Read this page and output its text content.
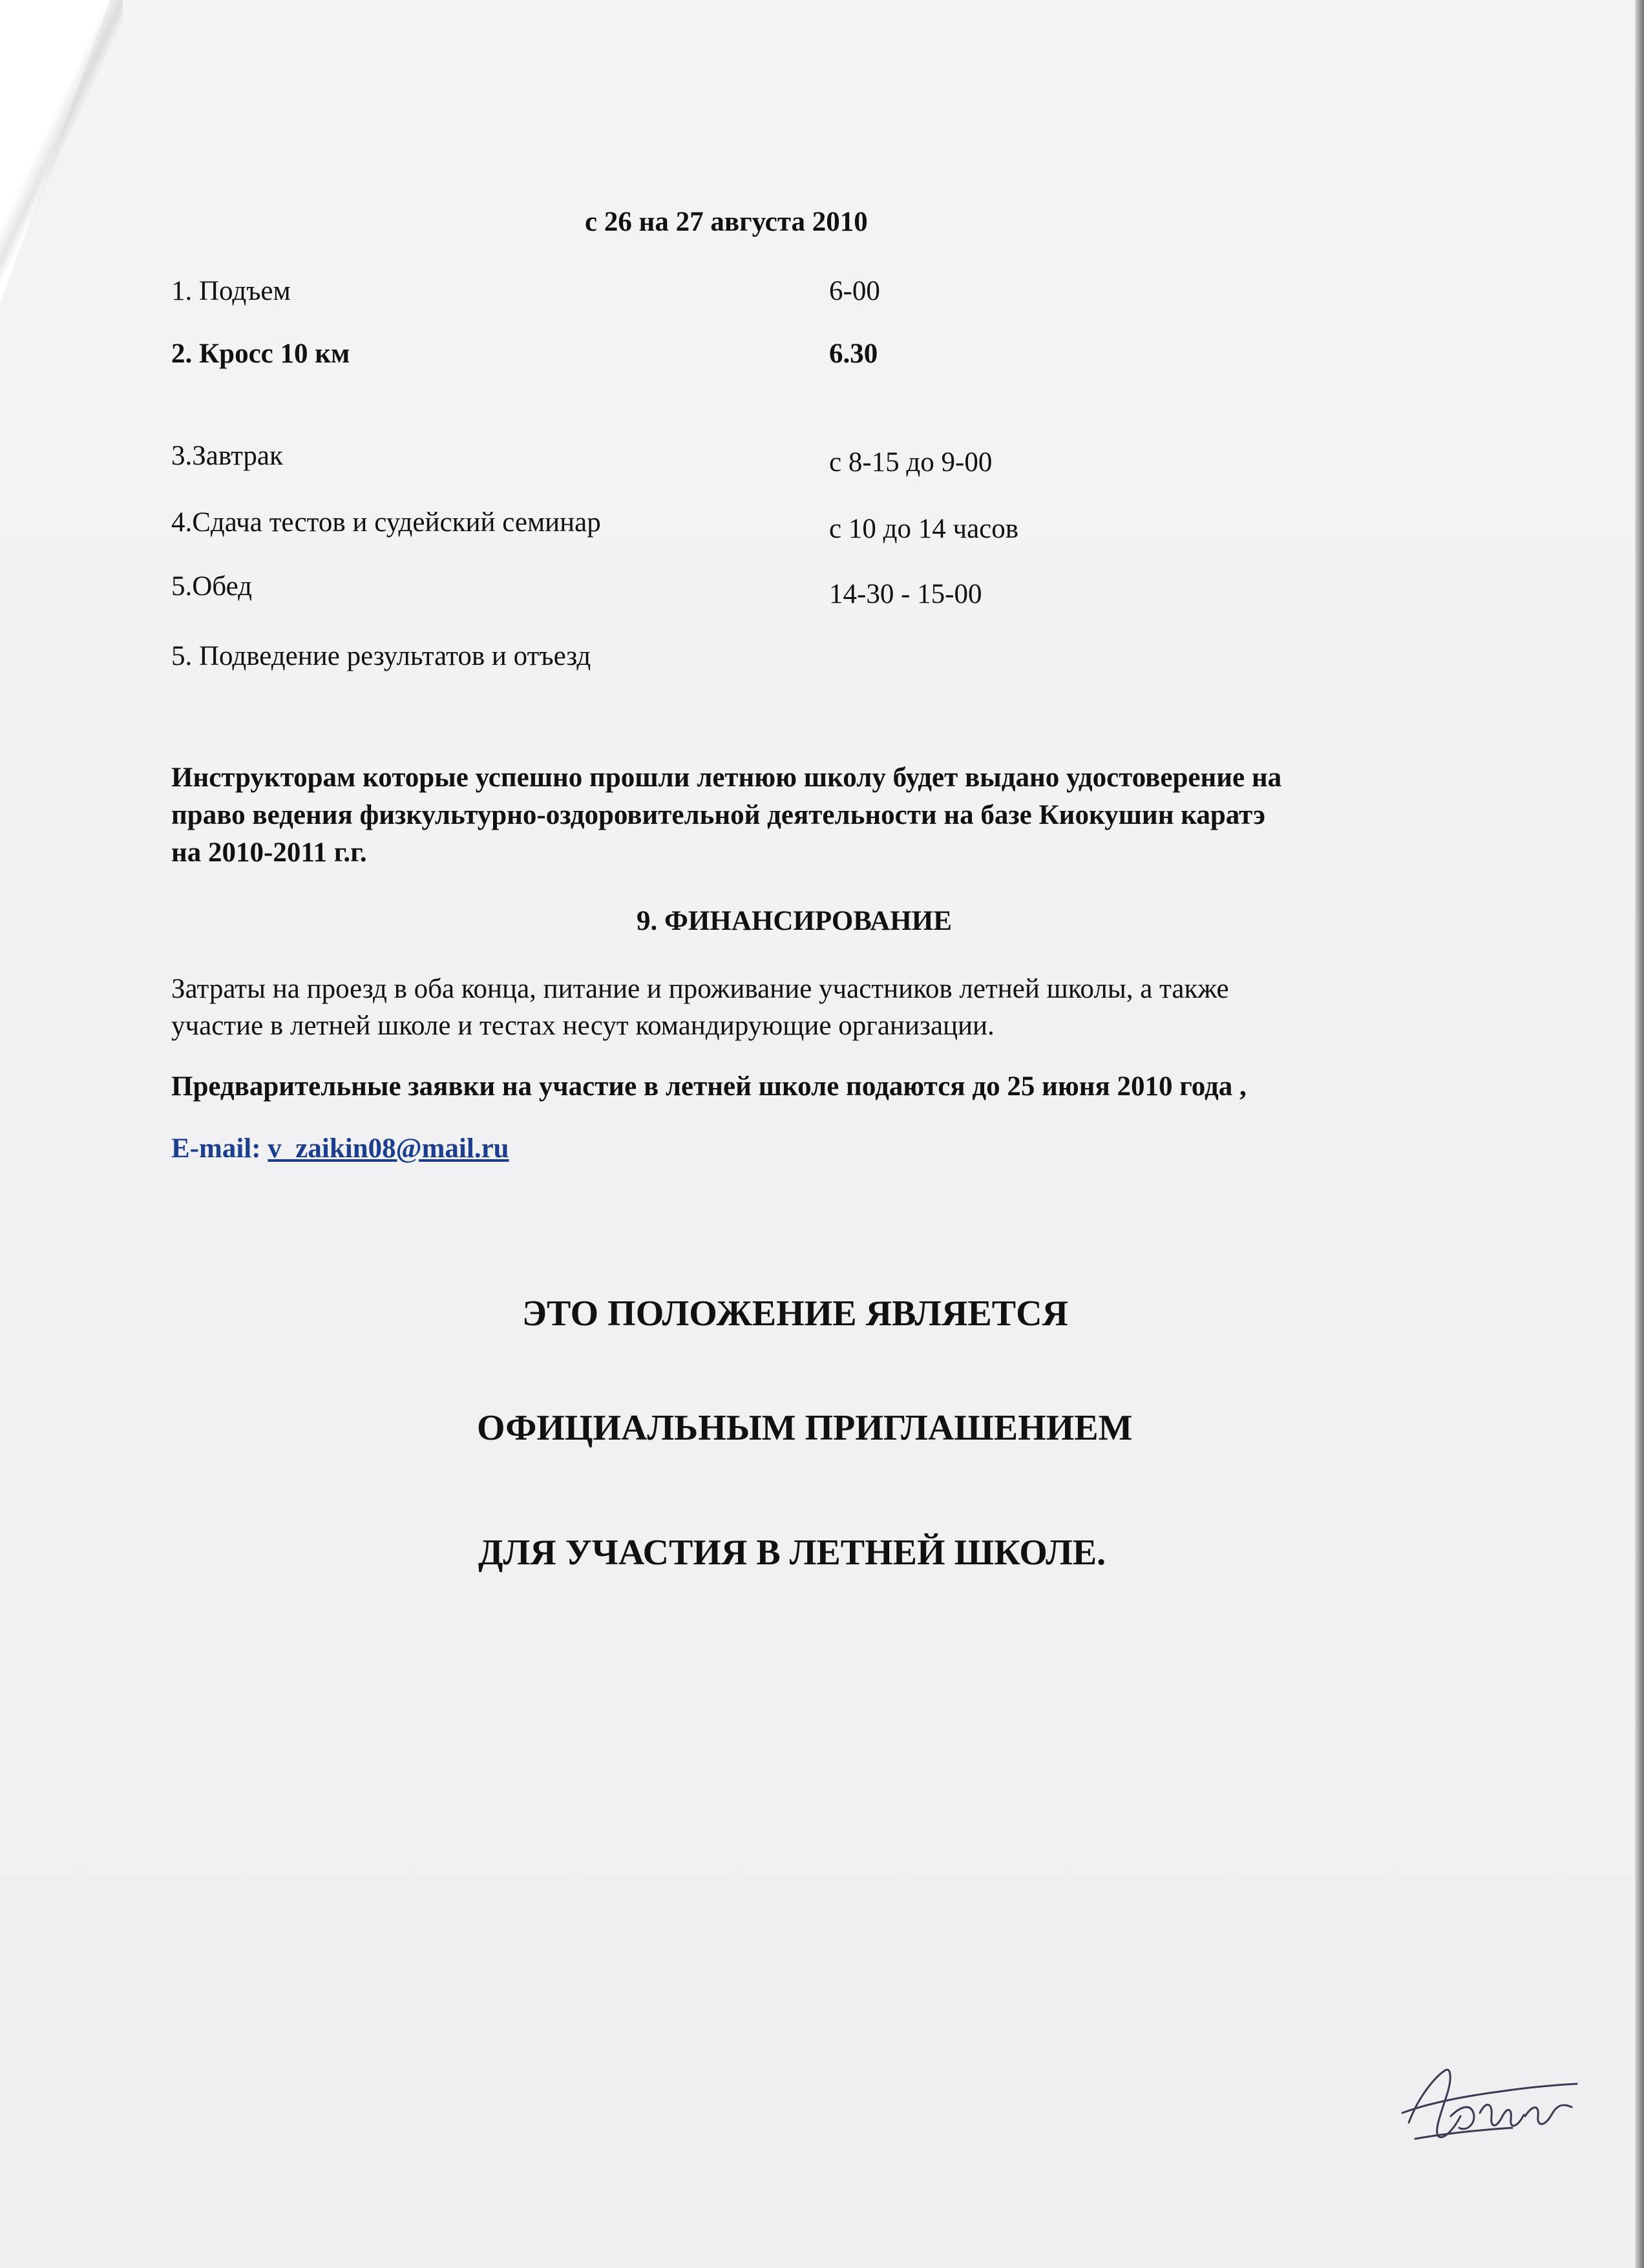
с 26 на 27 августа 2010
1. Подъем	6-00
2. Кросс 10 км	6.30
3.Завтрак	с 8-15 до 9-00
4.Сдача тестов и судейский семинар	с 10 до 14 часов
5.Обед	14-30 - 15-00
5. Подведение результатов и отъезд
Инструкторам которые успешно прошли летнюю школу будет выдано удостоверение на
право ведения физкультурно-оздоровительной деятельности на базе Киокушин каратэ
на 2010-2011 г.г.
9. ФИНАНСИРОВАНИЕ
Затраты на проезд в оба конца, питание и проживание участников летней школы, а также
участие в летней школе и тестах несут командирующие организации.
Предварительные заявки на участие в летней школе подаются до 25 июня 2010 года ,
E-mail: v_zaikin08@mail.ru
ЭТО ПОЛОЖЕНИЕ ЯВЛЯЕТСЯ
ОФИЦИАЛЬНЫМ ПРИГЛАШЕНИЕМ
ДЛЯ УЧАСТИЯ В ЛЕТНЕЙ ШКОЛЕ.
